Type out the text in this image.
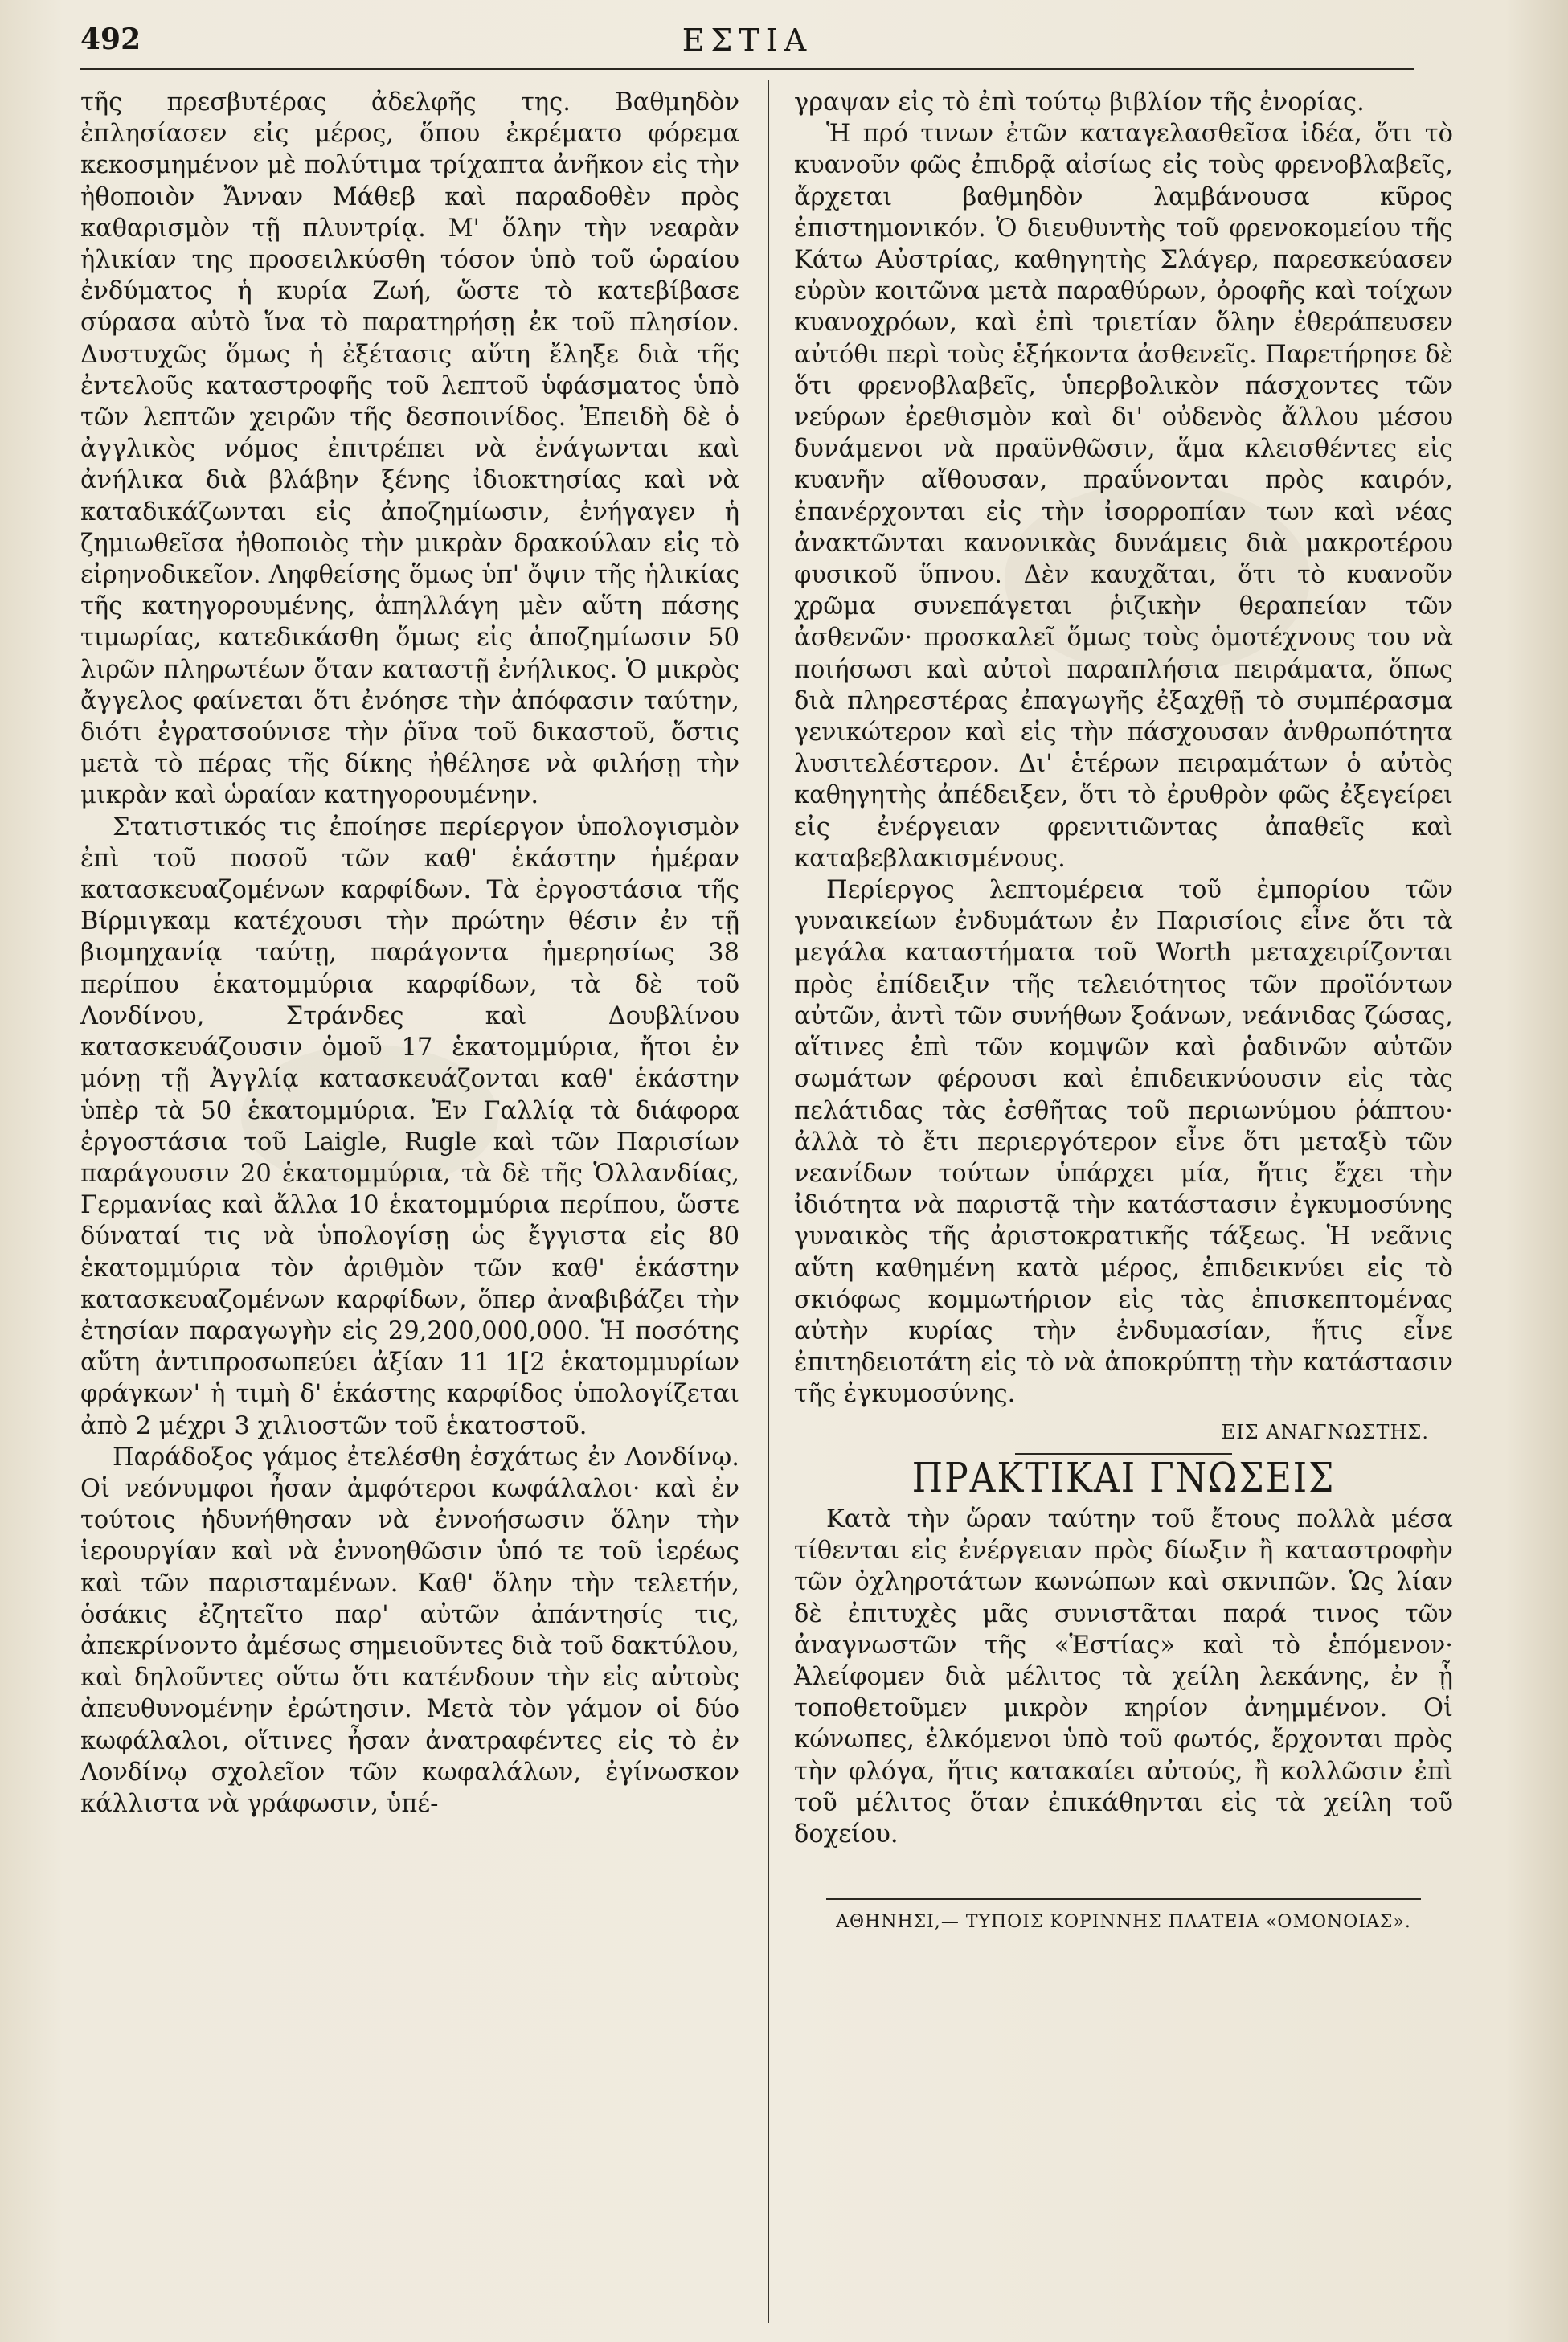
492	ΕΣΤΙΑ

τῆς πρεσβυτέρας ἀδελφῆς της. Βαθμηδὸν ἐπλησίασεν εἰς μέρος, ὅπου ἐκρέματο φόρεμα κεκοσμημένον μὲ πολύτιμα τρίχαπτα ἀνῆκον εἰς τὴν ἠθοποιὸν Ἄνναν Μάθεβ καὶ παραδοθὲν πρὸς καθαρισμὸν τῇ πλυντρίᾳ. Μ' ὅλην τὴν νεαρὰν ἡλικίαν της προσειλκύσθη τόσον ὑπὸ τοῦ ὡραίου ἐνδύματος ἡ κυρία Ζωή, ὥστε τὸ κατεβίβασε σύρασα αὐτὸ ἵνα τὸ παρατηρήσῃ ἐκ τοῦ πλησίον. Δυστυχῶς ὅμως ἡ ἐξέτασις αὕτη ἔληξε διὰ τῆς ἐντελοῦς καταστροφῆς τοῦ λεπτοῦ ὑφάσματος ὑπὸ τῶν λεπτῶν χειρῶν τῆς δεσποινίδος. Ἐπειδὴ δὲ ὁ ἀγγλικὸς νόμος ἐπιτρέπει νὰ ἐνάγωνται καὶ ἀνήλικα διὰ βλάβην ξένης ἰδιοκτησίας καὶ νὰ καταδικάζωνται εἰς ἀποζημίωσιν, ἐνήγαγεν ἡ ζημιωθεῖσα ἠθοποιὸς τὴν μικρὰν δρακούλαν εἰς τὸ εἰρηνοδικεῖον. Ληφθείσης ὅμως ὑπ' ὄψιν τῆς ἡλικίας τῆς κατηγορουμένης, ἀπηλλάγη μὲν αὕτη πάσης τιμωρίας, κατεδικάσθη ὅμως εἰς ἀποζημίωσιν 50 λιρῶν πληρωτέων ὅταν καταστῇ ἐνήλικος. Ὁ μικρὸς ἄγγελος φαίνεται ὅτι ἐνόησε τὴν ἀπόφασιν ταύτην, διότι ἐγρατσούνισε τὴν ῥῖνα τοῦ δικαστοῦ, ὅστις μετὰ τὸ πέρας τῆς δίκης ἠθέλησε νὰ φιλήσῃ τὴν μικρὰν καὶ ὡραίαν κατηγορουμένην.

Στατιστικός τις ἐποίησε περίεργον ὑπολογισμὸν ἐπὶ τοῦ ποσοῦ τῶν καθ' ἑκάστην ἡμέραν κατασκευαζομένων καρφίδων. Τὰ ἐργοστάσια τῆς Βίρμιγκαμ κατέχουσι τὴν πρώτην θέσιν ἐν τῇ βιομηχανίᾳ ταύτῃ, παράγοντα ἡμερησίως 38 περίπου ἑκατομμύρια καρφίδων, τὰ δὲ τοῦ Λονδίνου, Στράνδες καὶ Δουβλίνου κατασκευάζουσιν ὁμοῦ 17 ἑκατομμύρια, ἤτοι ἐν μόνῃ τῇ Ἀγγλίᾳ κατασκευάζονται καθ' ἑκάστην ὑπὲρ τὰ 50 ἑκατομμύρια. Ἐν Γαλλίᾳ τὰ διάφορα ἐργοστάσια τοῦ Laigle, Rugle καὶ τῶν Παρισίων παράγουσιν 20 ἑκατομμύρια, τὰ δὲ τῆς Ὁλλανδίας, Γερμανίας καὶ ἄλλα 10 ἑκατομμύρια περίπου, ὥστε δύναταί τις νὰ ὑπολογίσῃ ὡς ἔγγιστα εἰς 80 ἑκατομμύρια τὸν ἀριθμὸν τῶν καθ' ἑκάστην κατασκευαζομένων καρφίδων, ὅπερ ἀναβιβάζει τὴν ἐτησίαν παραγωγὴν εἰς 29,200,000,000. Ἡ ποσότης αὕτη ἀντιπροσωπεύει ἀξίαν 11 1[2 ἑκατομμυρίων φράγκων' ἡ τιμὴ δ' ἑκάστης καρφίδος ὑπολογίζεται ἀπὸ 2 μέχρι 3 χιλιοστῶν τοῦ ἑκατοστοῦ.

Παράδοξος γάμος ἐτελέσθη ἐσχάτως ἐν Λονδίνῳ. Οἱ νεόνυμφοι ἦσαν ἀμφότεροι κωφάλαλοι· καὶ ἐν τούτοις ἠδυνήθησαν νὰ ἐννοήσωσιν ὅλην τὴν ἱερουργίαν καὶ νὰ ἐννοηθῶσιν ὑπό τε τοῦ ἱερέως καὶ τῶν παρισταμένων. Καθ' ὅλην τὴν τελετήν, ὁσάκις ἐζητεῖτο παρ' αὐτῶν ἀπάντησίς τις, ἀπεκρίνοντο ἀμέσως σημειοῦντες διὰ τοῦ δακτύλου, καὶ δηλοῦντες οὕτω ὅτι κατένδουν τὴν εἰς αὐτοὺς ἀπευθυνομένην ἐρώτησιν. Μετὰ τὸν γάμον οἱ δύο κωφάλαλοι, οἵτινες ἦσαν ἀνατραφέντες εἰς τὸ ἐν Λονδίνῳ σχολεῖον τῶν κωφαλάλων, ἐγίνωσκον κάλλιστα νὰ γράφωσιν, ὑπέ-

γραψαν εἰς τὸ ἐπὶ τούτῳ βιβλίον τῆς ἐνορίας.

Ἡ πρό τινων ἐτῶν καταγελασθεῖσα ἰδέα, ὅτι τὸ κυανοῦν φῶς ἐπιδρᾷ αἰσίως εἰς τοὺς φρενοβλαβεῖς, ἄρχεται βαθμηδὸν λαμβάνουσα κῦρος ἐπιστημονικόν. Ὁ διευθυντὴς τοῦ φρενοκομείου τῆς Κάτω Αὐστρίας, καθηγητὴς Σλάγερ, παρεσκεύασεν εὐρὺν κοιτῶνα μετὰ παραθύρων, ὀροφῆς καὶ τοίχων κυανοχρόων, καὶ ἐπὶ τριετίαν ὅλην ἐθεράπευσεν αὐτόθι περὶ τοὺς ἑξήκοντα ἀσθενεῖς. Παρετήρησε δὲ ὅτι φρενοβλαβεῖς, ὑπερβολικὸν πάσχοντες τῶν νεύρων ἐρεθισμὸν καὶ δι' οὐδενὸς ἄλλου μέσου δυνάμενοι νὰ πραϋνθῶσιν, ἅμα κλεισθέντες εἰς κυανῆν αἴθουσαν, πραΰνονται πρὸς καιρόν, ἐπανέρχονται εἰς τὴν ἰσορροπίαν των καὶ νέας ἀνακτῶνται κανονικὰς δυνάμεις διὰ μακροτέρου φυσικοῦ ὕπνου. Δὲν καυχᾶται, ὅτι τὸ κυανοῦν χρῶμα συνεπάγεται ῥιζικὴν θεραπείαν τῶν ἀσθενῶν· προσκαλεῖ ὅμως τοὺς ὁμοτέχνους του νὰ ποιήσωσι καὶ αὐτοὶ παραπλήσια πειράματα, ὅπως διὰ πληρεστέρας ἐπαγωγῆς ἐξαχθῇ τὸ συμπέρασμα γενικώτερον καὶ εἰς τὴν πάσχουσαν ἀνθρωπότητα λυσιτελέστερον. Δι' ἑτέρων πειραμάτων ὁ αὐτὸς καθηγητὴς ἀπέδειξεν, ὅτι τὸ ἐρυθρὸν φῶς ἐξεγείρει εἰς ἐνέργειαν φρενιτιῶντας ἀπαθεῖς καὶ καταβεβλακισμένους.

Περίεργος λεπτομέρεια τοῦ ἐμπορίου τῶν γυναικείων ἐνδυμάτων ἐν Παρισίοις εἶνε ὅτι τὰ μεγάλα καταστήματα τοῦ Worth μεταχειρίζονται πρὸς ἐπίδειξιν τῆς τελειότητος τῶν προϊόντων αὐτῶν, ἀντὶ τῶν συνήθων ξοάνων, νεάνιδας ζώσας, αἵτινες ἐπὶ τῶν κομψῶν καὶ ῥαδινῶν αὐτῶν σωμάτων φέρουσι καὶ ἐπιδεικνύουσιν εἰς τὰς πελάτιδας τὰς ἐσθῆτας τοῦ περιωνύμου ῥάπτου· ἀλλὰ τὸ ἔτι περιεργότερον εἶνε ὅτι μεταξὺ τῶν νεανίδων τούτων ὑπάρχει μία, ἥτις ἔχει τὴν ἰδιότητα νὰ παριστᾷ τὴν κατάστασιν ἐγκυμοσύνης γυναικὸς τῆς ἀριστοκρατικῆς τάξεως. Ἡ νεᾶνις αὕτη καθημένη κατὰ μέρος, ἐπιδεικνύει εἰς τὸ σκιόφως κομμωτήριον εἰς τὰς ἐπισκεπτομένας αὐτὴν κυρίας τὴν ἐνδυμασίαν, ἥτις εἶνε ἐπιτηδειοτάτη εἰς τὸ νὰ ἀποκρύπτῃ τὴν κατάστασιν τῆς ἐγκυμοσύνης.

ΕΙΣ ΑΝΑΓΝΩΣΤΗΣ.
ΠΡΑΚΤΙΚΑΙ ΓΝΩΣΕΙΣ

Κατὰ τὴν ὥραν ταύτην τοῦ ἔτους πολλὰ μέσα τίθενται εἰς ἐνέργειαν πρὸς δίωξιν ἢ καταστροφὴν τῶν ὀχληροτάτων κωνώπων καὶ σκνιπῶν. Ὡς λίαν δὲ ἐπιτυχὲς μᾶς συνιστᾶται παρά τινος τῶν ἀναγνωστῶν τῆς «Ἑστίας» καὶ τὸ ἑπόμενον· Ἀλείφομεν διὰ μέλιτος τὰ χείλη λεκάνης, ἐν ᾗ τοποθετοῦμεν μικρὸν κηρίον ἀνημμένον. Οἱ κώνωπες, ἑλκόμενοι ὑπὸ τοῦ φωτός, ἔρχονται πρὸς τὴν φλόγα, ἥτις κατακαίει αὐτούς, ἢ κολλῶσιν ἐπὶ τοῦ μέλιτος ὅταν ἐπικάθηνται εἰς τὰ χείλη τοῦ δοχείου.

ΑΘΗΝΗΣΙ,— ΤΥΠΟΙΣ ΚΟΡΙΝΝΗΣ ΠΛΑΤΕΙΑ «ΟΜΟΝΟΙΑΣ».
